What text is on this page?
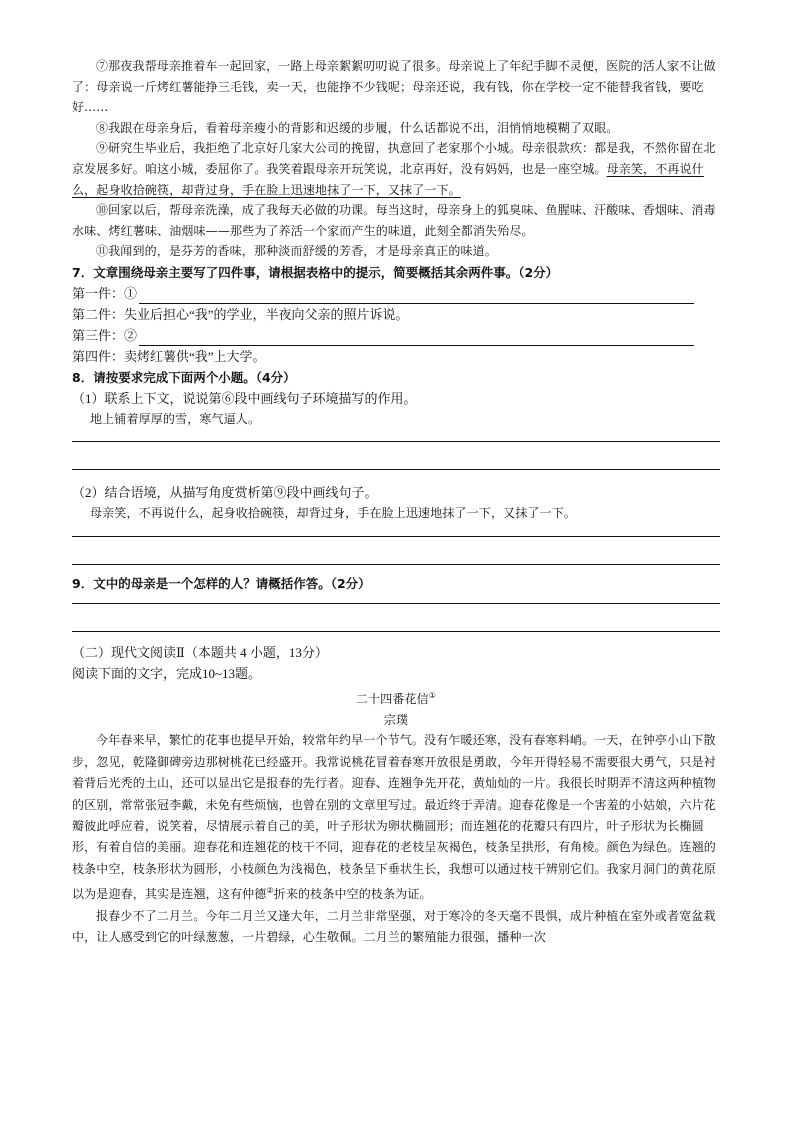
⑦那夜我帮母亲推着车一起回家，一路上母亲絮絮叨叨说了很多。母亲说上了年纪手脚不灵便，医院的活人家不让做了：母亲说一斤烤红薯能挣三毛钱，卖一天，也能挣不少钱呢；母亲还说，我有钱，你在学校一定不能替我省钱，要吃好……

⑧我跟在母亲身后，看着母亲瘦小的背影和迟缓的步履，什么话都说不出，泪悄悄地模糊了双眼。

⑨研究生毕业后，我拒绝了北京好几家大公司的挽留，执意回了老家那个小城。母亲很款疚：都是我，不然你留在北京发展多好。咱这小城，委屈你了。我笑着跟母亲开玩笑说，北京再好，没有妈妈，也是一座空城。母亲笑，不再说什么，起身收拾碗筷，却背过身，手在脸上迅速地抹了一下，又抹了一下。

⑩回家以后，帮母亲洗澡，成了我每天必做的功课。每当这时，母亲身上的狐臭味、鱼腥味、汗酸味、香烟味、消毒水味、烤红薯味、油烟味——那些为了养活一个家而产生的味道，此刻全都消失殆尽。

⑪我闻到的，是芬芳的香味，那种淡而舒缓的芳香，才是母亲真正的味道。

7．文章围绕母亲主要写了四件事，请根据表格中的提示，简要概括其余两件事。（2分）

第一件：①

第二件：失业后担心“我”的学业，半夜向父亲的照片诉说。

第三件：②

第四件：卖烤红薯供“我”上大学。

8．请按要求完成下面两个小题。（4分）

（1）联系上下文，说说第⑥段中画线句子环境描写的作用。

地上铺着厚厚的雪，寒气逼人。

（2）结合语境，从描写角度赏析第⑨段中画线句子。

母亲笑，不再说什么，起身收拾碗筷，却背过身，手在脸上迅速地抹了一下，又抹了一下。

9．文中的母亲是一个怎样的人？请概括作答。（2分）

（二）现代文阅读Ⅱ（本题共 4 小题，13分）

阅读下面的文字，完成10~13题。

二十四番花信①

宗璞

今年春来早，繁忙的花事也提早开始，较常年约早一个节气。没有乍暖还寒，没有春寒料峭。一天，在钟亭小山下散步，忽见，乾隆御碑旁边那树桃花已经盛开。我常说桃花冒着春寒开放很是勇敢，今年开得轻易不需要很大勇气，只是衬着背后光秃的土山，还可以显出它是报春的先行者。迎春、连翘争先开花，黄灿灿的一片。我很长时期弄不清这两种植物的区别，常常张冠李戴，未免有些烦恼，也曾在别的文章里写过。最近终于弄清。迎春花像是一个害羞的小姑娘，六片花瓣彼此呼应着，说笑着，尽情展示着自己的美，叶子形状为卵状椭圆形；而连翘花的花瓣只有四片，叶子形状为长椭圆形，有着自信的美丽。迎春花和连翘花的枝干不同，迎春花的老枝呈灰褐色，枝条呈拱形，有角棱。颜色为绿色。连翘的枝条中空，枝条形状为圆形，小枝颜色为浅褐色，枝条呈下垂状生长，我想可以通过枝干辨别它们。我家月洞门的黄花原以为是迎春，其实是连翘，这有仲德②折来的枝条中空的枝条为证。

报春少不了二月兰。今年二月兰又逢大年，二月兰非常坚强，对于寒冷的冬天毫不畏惧，成片种植在室外或者宽盆栽中，让人感受到它的叶绿葱葱，一片碧绿，心生敬佩。二月兰的繁殖能力很强，播种一次
